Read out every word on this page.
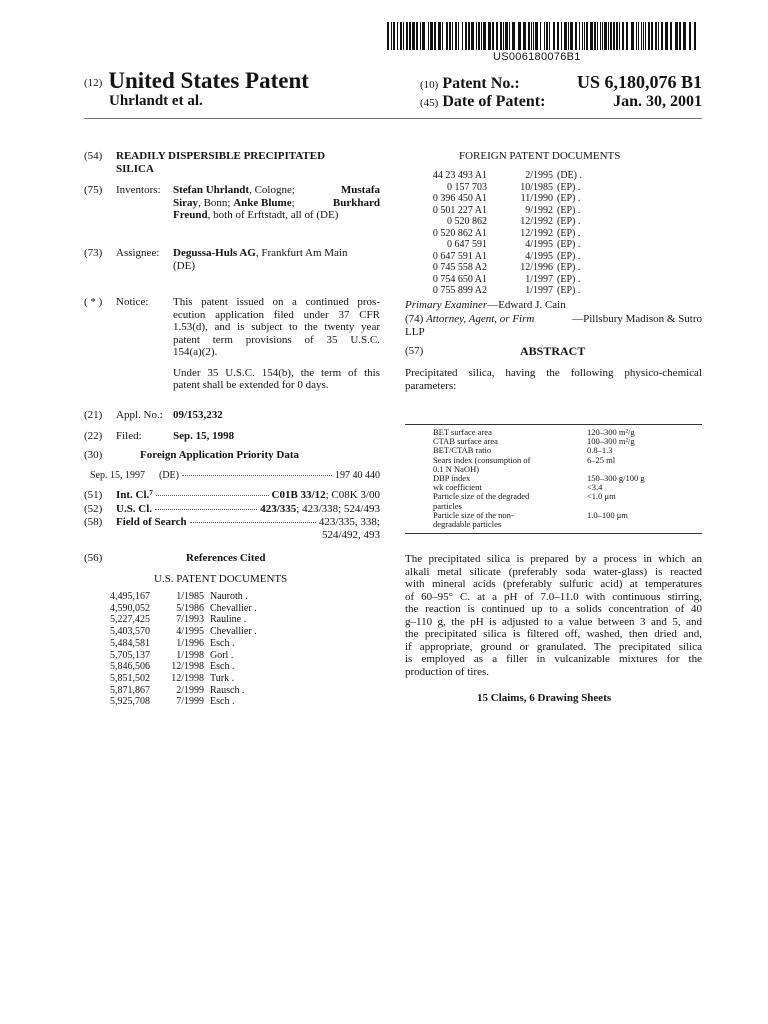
US006180076B1
(12) United States Patent
Uhrlandt et al.
(10) Patent No.:	US 6,180,076 B1
(45) Date of Patent:	Jan. 30, 2001
(54) READILY DISPERSIBLE PRECIPITATED
SILICA
(75) Inventors: Stefan Uhrlandt, Cologne;	Mustafa
Siray, Bonn; Anke Blume;	Burkhard
Freund, both of Erftstadt, all of (DE)
(73) Assignee: Degussa-Huls AG, Frankfurt Am Main
(DE)
( * ) Notice: This patent issued on a continued pros-
ecution application filed under 37 CFR
1.53(d), and is subject to the twenty year
patent term provisions of 35 U.S.C.
154(a)(2).
Under 35 U.S.C. 154(b), the term of this
patent shall be extended for 0 days.
(21) Appl. No.: 09/153,232
(22) Filed:	Sep. 15, 1998
(30)	Foreign Application Priority Data
Sep. 15, 1997 (DE)	197 40 440
(51) Int. Cl.$^7$	C01B 33/12; C08K 3/00
(52) U.S. Cl.	423/335; 423/338; 524/493
(58) Field of Search	423/335, 338;
524/492, 493
(56)	References Cited
U.S. PATENT DOCUMENTS
4,495,167	1/1985	Nauroth .
4,590,052	5/1986	Chevallier .
5,227,425	7/1993	Rauline .
5,403,570	4/1995	Chevallier .
5,484,581	1/1996	Esch .
5,705,137	1/1998	Gorl .
5,846,506	12/1998	Esch .
5,851,502	12/1998	Turk .
5,871,867	2/1999	Rausch .
5,925,708	7/1999	Esch .
FOREIGN PATENT DOCUMENTS
44 23 493 A1	2/1995	(DE) .
0 157 703	10/1985	(EP) .
0 396 450 A1	11/1990	(EP) .
0 501 227 A1	9/1992	(EP) .
0 520 862	12/1992	(EP) .
0 520 862 A1	12/1992	(EP) .
0 647 591	4/1995	(EP) .
0 647 591 A1	4/1995	(EP) .
0 745 558 A2	12/1996	(EP) .
0 754 650 A1	1/1997	(EP) .
0 755 899 A2	1/1997	(EP) .
Primary Examiner—Edward J. Cain
(74) Attorney, Agent, or Firm	—Pillsbury Madison & Sutro
LLP
(57)	ABSTRACT
Precipitated silica, having the following physico-chemical
parameters:
BET surface area	120–300 m²/g
CTAB surface area	100–300 m²/g
BET/CTAB ratio	0.8–1.3
Sears index (consumption of	6–25 ml
0.1 N NaOH)	
DBP index	150–300 g/100 g
wk coefficient	<3.4
Particle size of the degraded	<1.0 μm
particles	
Particle size of the non-	1.0–100 μm
degradable particles	
The precipitated silica is prepared by a process in which an
alkali metal silicate (preferably soda water-glass) is reacted
with mineral acids (preferably sulfuric acid) at temperatures
of 60–95° C. at a pH of 7.0–11.0 with continuous stirring,
the reaction is continued up to a solids concentration of 40
g–110 g, the pH is adjusted to a value between 3 and 5, and
the precipitated silica is filtered off, washed, then dried and,
if appropriate, ground or granulated. The precipitated silica
is employed as a filler in vulcanizable mixtures for the
production of tires.
15 Claims, 6 Drawing Sheets
